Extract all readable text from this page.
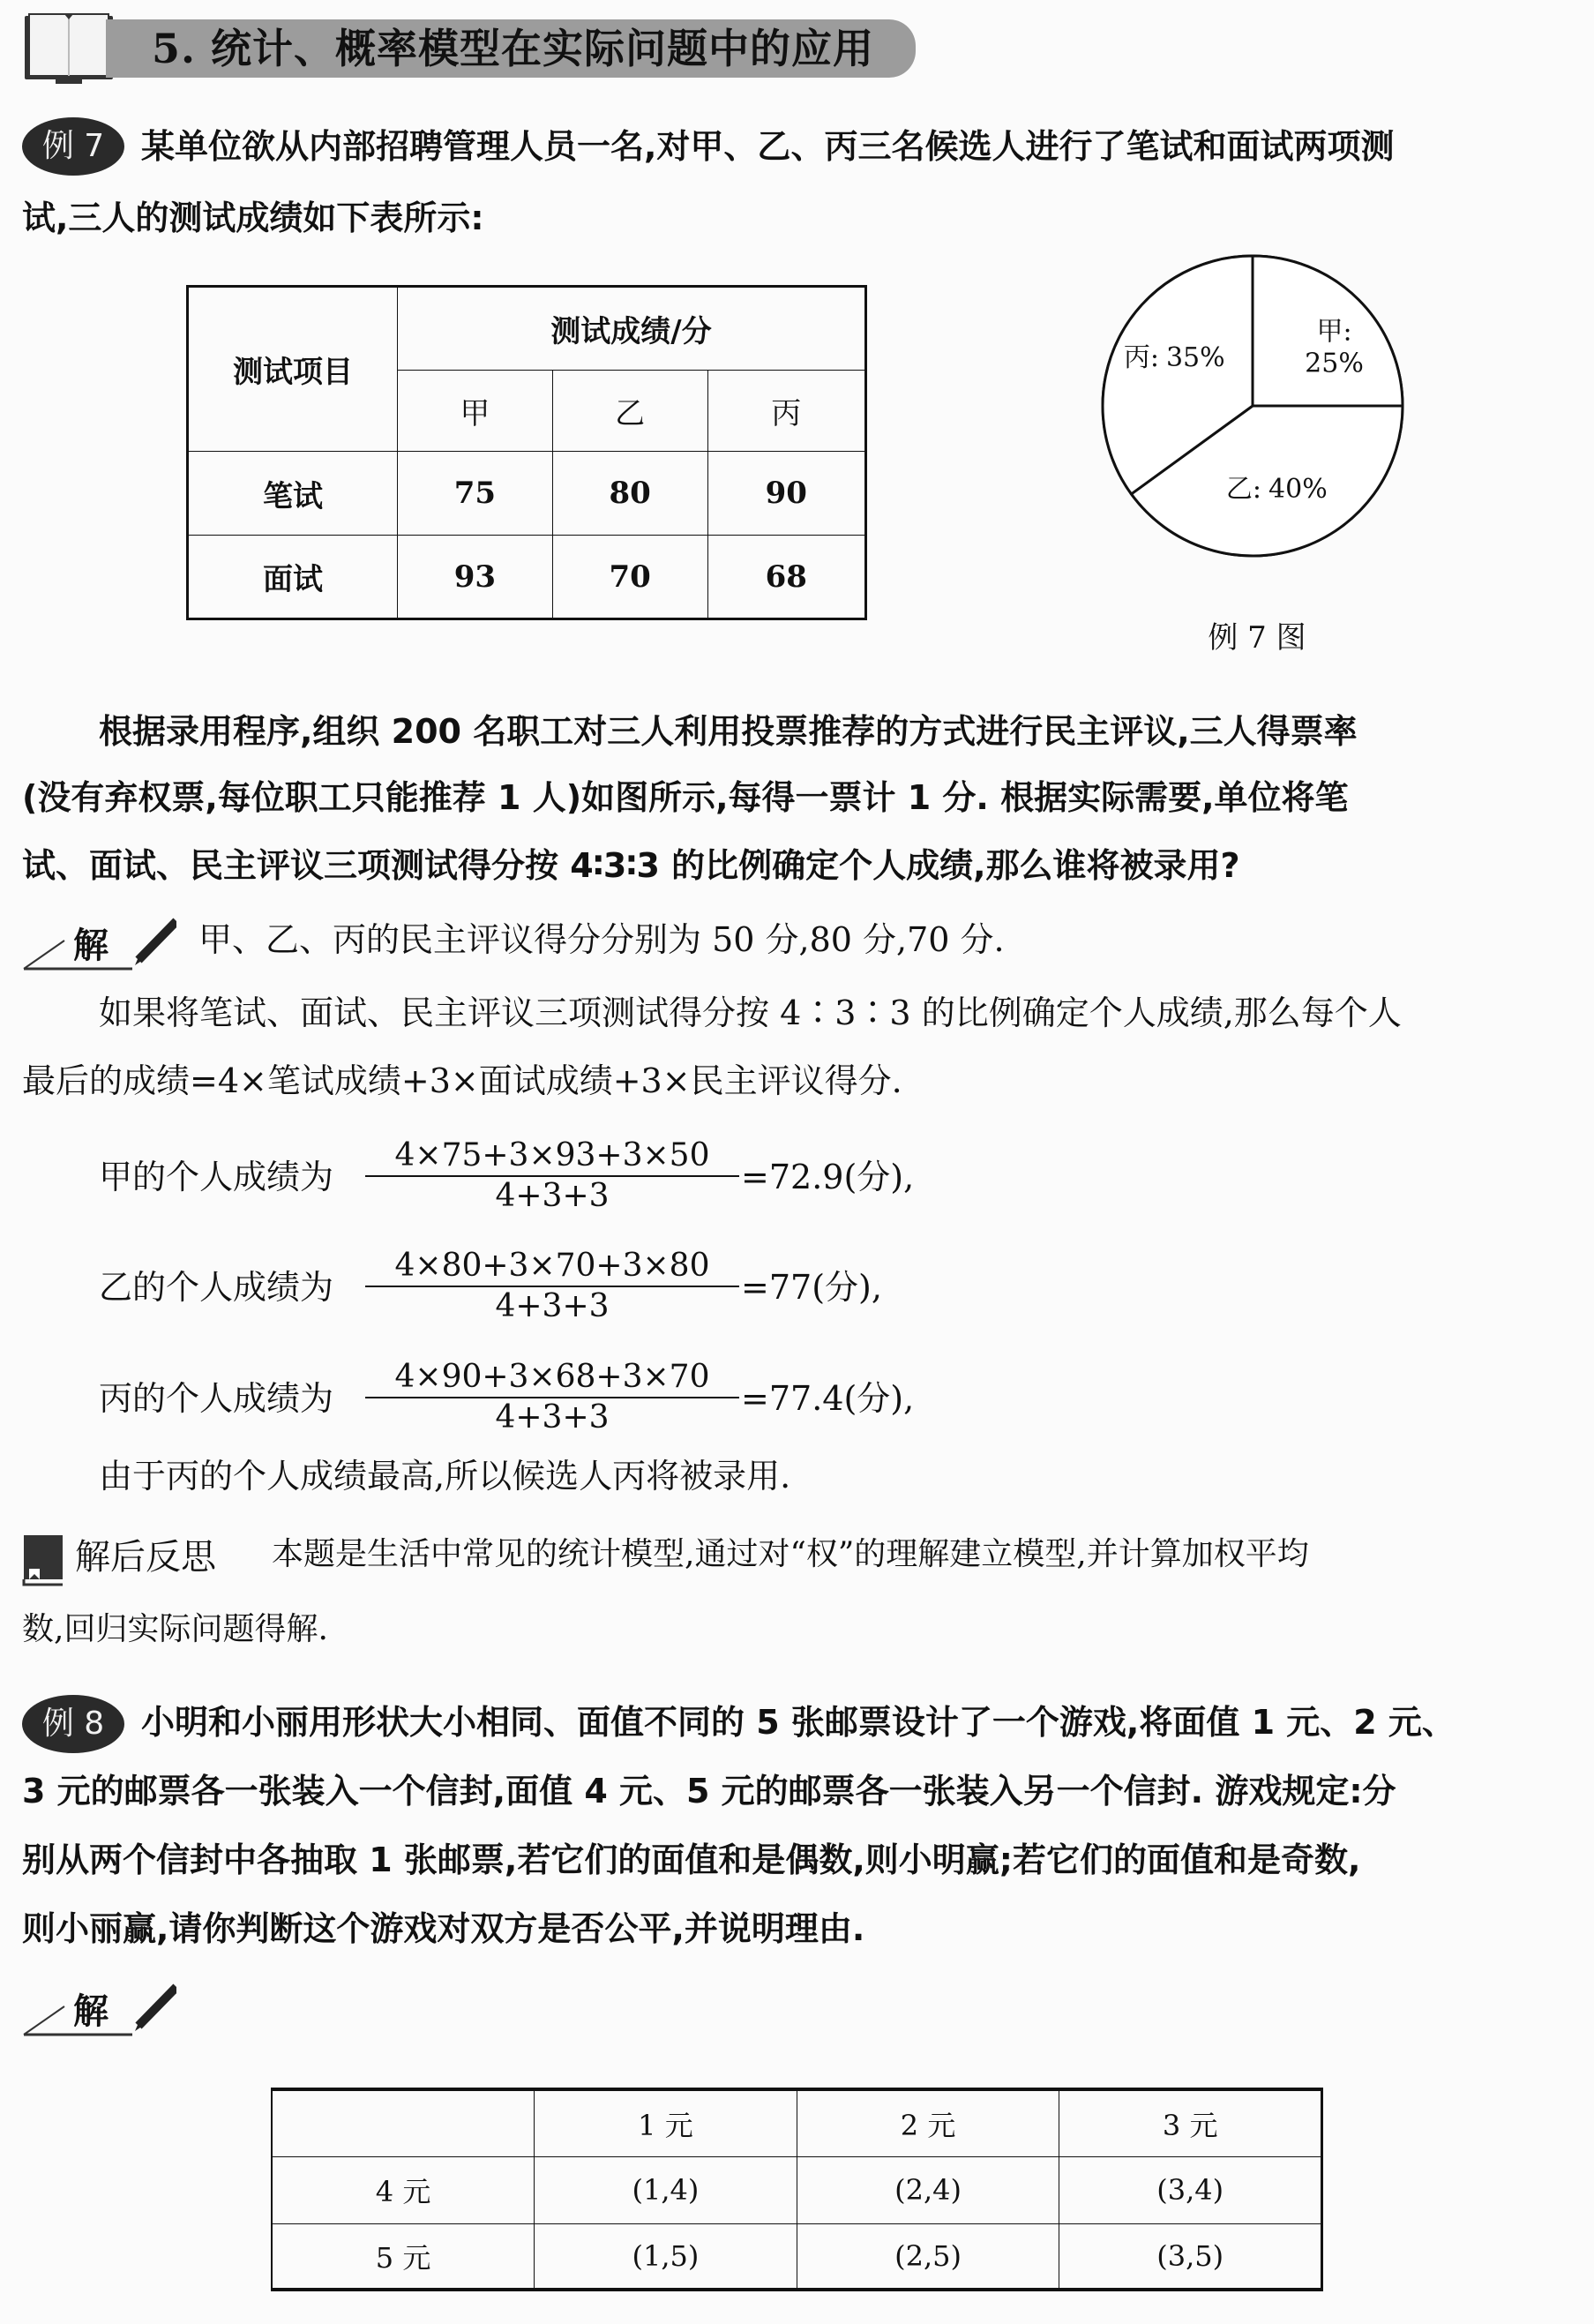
5. 统计、概率模型在实际问题中的应用
例 7	某单位欲从内部招聘管理人员一名,对甲、乙、丙三名候选人进行了笔试和面试两项测
试,三人的测试成绩如下表所示:
测试项目	测试成绩/分		
	甲	乙	丙
笔试	75	80	90
面试	93	70	68
甲: 25%
乙: 40%
丙: 35%
例 7 图
根据录用程序,组织 200 名职工对三人利用投票推荐的方式进行民主评议,三人得票率
(没有弃权票,每位职工只能推荐 1 人)如图所示,每得一票计 1 分. 根据实际需要,单位将笔
试、面试、民主评议三项测试得分按 4∶3∶3 的比例确定个人成绩,那么谁将被录用?
解	甲、乙、丙的民主评议得分分别为 50 分,80 分,70 分.
如果将笔试、面试、民主评议三项测试得分按 4∶3∶3 的比例确定个人成绩,那么每个人
最后的成绩=4×笔试成绩+3×面试成绩+3×民主评议得分.
甲的个人成绩为
4×75+3×93+3×50
4+3+3	=72.9(分),
乙的个人成绩为
4×80+3×70+3×80
4+3+3	=77(分),
丙的个人成绩为
4×90+3×68+3×70
4+3+3	=77.4(分),
由于丙的个人成绩最高,所以候选人丙将被录用.
解后反思 本题是生活中常见的统计模型,通过对“权”的理解建立模型,并计算加权平均
数,回归实际问题得解.
例 8	小明和小丽用形状大小相同、面值不同的 5 张邮票设计了一个游戏,将面值 1 元、2 元、
3 元的邮票各一张装入一个信封,面值 4 元、5 元的邮票各一张装入另一个信封. 游戏规定:分
别从两个信封中各抽取 1 张邮票,若它们的面值和是偶数,则小明赢;若它们的面值和是奇数,
则小丽赢,请你判断这个游戏对双方是否公平,并说明理由.
解
	1 元	2 元	3 元
4 元	(1,4)	(2,4)	(3,4)
5 元	(1,5)	(2,5)	(3,5)
